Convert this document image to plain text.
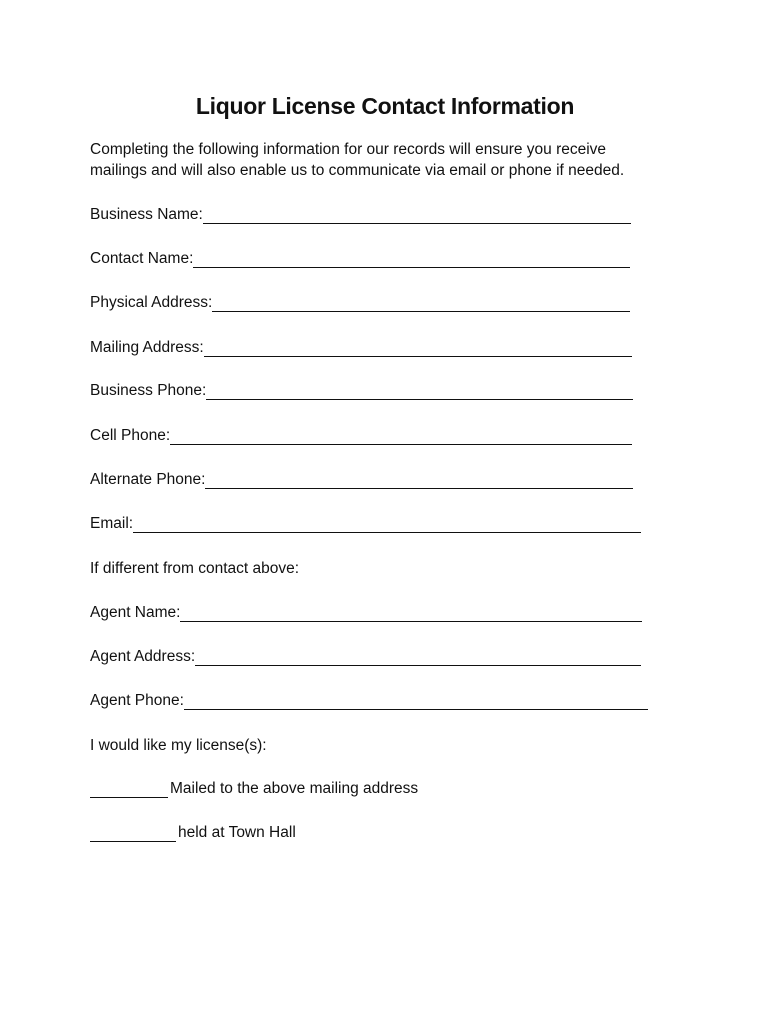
Liquor License Contact Information
Completing the following information for our records will ensure you receive
mailings and will also enable us to communicate via email or phone if needed.
Business Name:
Contact Name:
Physical Address:
Mailing Address:
Business Phone:
Cell Phone:
Alternate Phone:
Email:
If different from contact above:
Agent Name:
Agent Address:
Agent Phone:
I would like my license(s):
Mailed to the above mailing address
held at Town Hall
